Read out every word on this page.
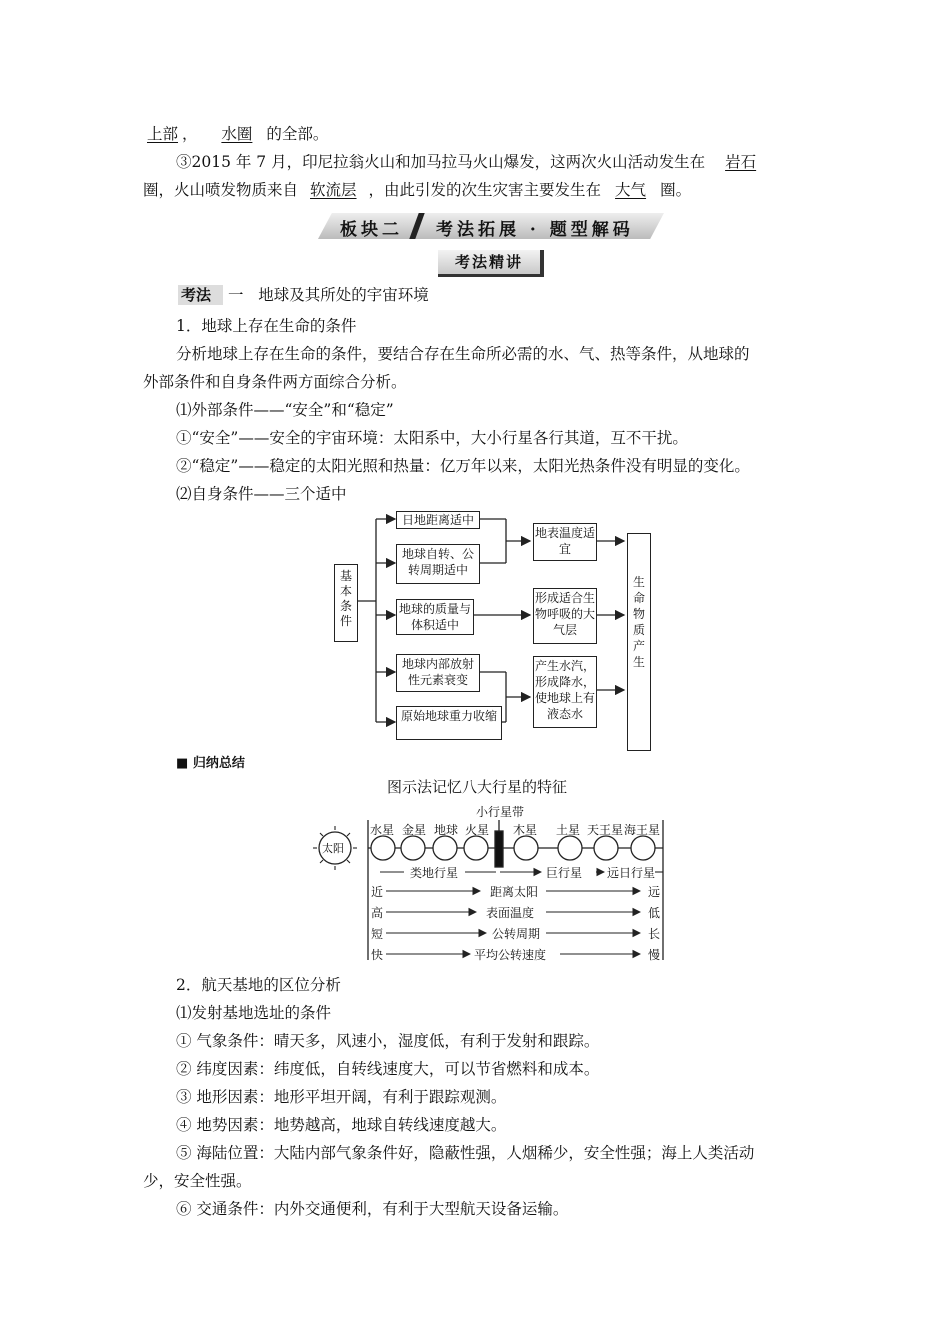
上部 ， 水圈 的全部。
③2015 年 7 月，印尼拉翁火山和加马拉马火山爆发，这两次火山活动发生在 岩石
圈，火山喷发物质来自 软流层 ，由此引发的次生灾害主要发生在 大气 圈。
板块二 考法拓展 · 题型解码
考法精讲
考法	一 地球及其所处的宇宙环境
1．地球上存在生命的条件
分析地球上存在生命的条件，要结合存在生命所必需的水、气、热等条件，从地球的
外部条件和自身条件两方面综合分析。
⑴外部条件——“安全”和“稳定”
①“安全”——安全的宇宙环境：太阳系中，大小行星各行其道，互不干扰。
②“稳定”——稳定的太阳光照和热量：亿万年以来，太阳光热条件没有明显的变化。
⑵自身条件——三个适中
基本条件
日地距离适中
地球自转、公转周期适中
地球的质量与体积适中
地球内部放射性元素衰变
原始地球重力收缩
地表温度适宜
形成适合生物呼吸的大气层
产生水汽，形成降水，使地球上有液态水
生命物质产生
■ 归纳总结
图示法记忆八大行星的特征
太阳
小行星带
水星 金星 地球 火星 木星 土星 天王星 海王星
类地行星	巨行星 远日行星
近	距离太阳	远
高	表面温度	低
短	公转周期	长
快	平均公转速度	慢
2．航天基地的区位分析
⑴发射基地选址的条件
① 气象条件：晴天多，风速小，湿度低，有利于发射和跟踪。
② 纬度因素：纬度低，自转线速度大，可以节省燃料和成本。
③ 地形因素：地形平坦开阔，有利于跟踪观测。
④ 地势因素：地势越高，地球自转线速度越大。
⑤ 海陆位置：大陆内部气象条件好，隐蔽性强，人烟稀少，安全性强；海上人类活动
少，安全性强。
⑥ 交通条件：内外交通便利，有利于大型航天设备运输。
